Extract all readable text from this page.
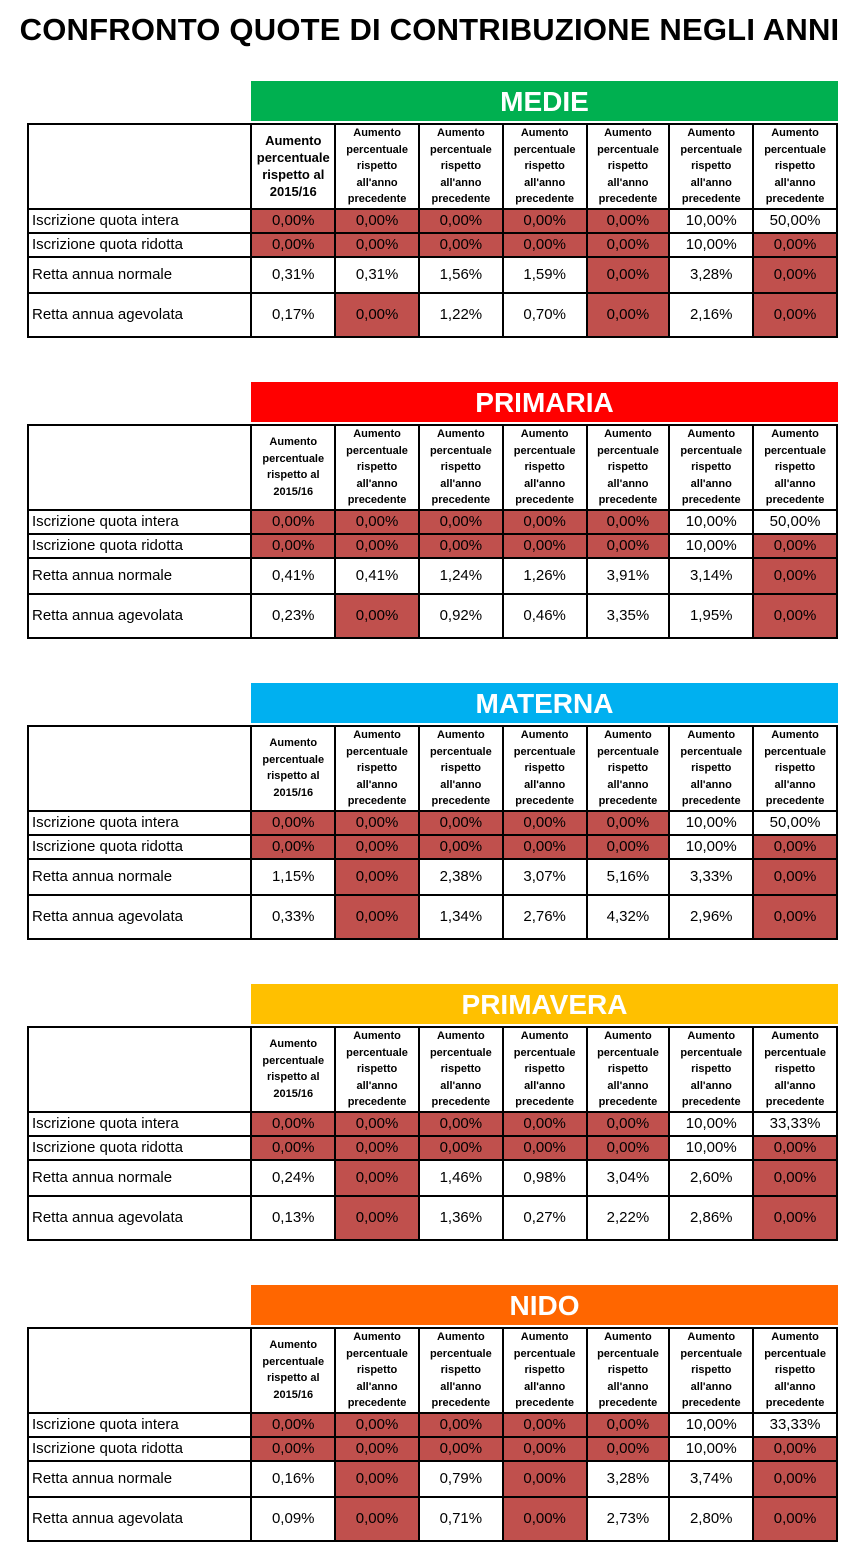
CONFRONTO QUOTE DI CONTRIBUZIONE NEGLI ANNI
MEDIE
	Aumento percentuale rispetto al 2015/16	Aumento percentuale rispetto all'anno precedente	Aumento percentuale rispetto all'anno precedente	Aumento percentuale rispetto all'anno precedente	Aumento percentuale rispetto all'anno precedente	Aumento percentuale rispetto all'anno precedente	Aumento percentuale rispetto all'anno precedente
Iscrizione quota intera	0,00%	0,00%	0,00%	0,00%	0,00%	10,00%	50,00%
Iscrizione quota ridotta	0,00%	0,00%	0,00%	0,00%	0,00%	10,00%	0,00%
Retta annua normale	0,31%	0,31%	1,56%	1,59%	0,00%	3,28%	0,00%
Retta annua agevolata	0,17%	0,00%	1,22%	0,70%	0,00%	2,16%	0,00%
PRIMARIA
	Aumento percentuale rispetto al 2015/16	Aumento percentuale rispetto all'anno precedente	Aumento percentuale rispetto all'anno precedente	Aumento percentuale rispetto all'anno precedente	Aumento percentuale rispetto all'anno precedente	Aumento percentuale rispetto all'anno precedente	Aumento percentuale rispetto all'anno precedente
Iscrizione quota intera	0,00%	0,00%	0,00%	0,00%	0,00%	10,00%	50,00%
Iscrizione quota ridotta	0,00%	0,00%	0,00%	0,00%	0,00%	10,00%	0,00%
Retta annua normale	0,41%	0,41%	1,24%	1,26%	3,91%	3,14%	0,00%
Retta annua agevolata	0,23%	0,00%	0,92%	0,46%	3,35%	1,95%	0,00%
MATERNA
	Aumento percentuale rispetto al 2015/16	Aumento percentuale rispetto all'anno precedente	Aumento percentuale rispetto all'anno precedente	Aumento percentuale rispetto all'anno precedente	Aumento percentuale rispetto all'anno precedente	Aumento percentuale rispetto all'anno precedente	Aumento percentuale rispetto all'anno precedente
Iscrizione quota intera	0,00%	0,00%	0,00%	0,00%	0,00%	10,00%	50,00%
Iscrizione quota ridotta	0,00%	0,00%	0,00%	0,00%	0,00%	10,00%	0,00%
Retta annua normale	1,15%	0,00%	2,38%	3,07%	5,16%	3,33%	0,00%
Retta annua agevolata	0,33%	0,00%	1,34%	2,76%	4,32%	2,96%	0,00%
PRIMAVERA
	Aumento percentuale rispetto al 2015/16	Aumento percentuale rispetto all'anno precedente	Aumento percentuale rispetto all'anno precedente	Aumento percentuale rispetto all'anno precedente	Aumento percentuale rispetto all'anno precedente	Aumento percentuale rispetto all'anno precedente	Aumento percentuale rispetto all'anno precedente
Iscrizione quota intera	0,00%	0,00%	0,00%	0,00%	0,00%	10,00%	33,33%
Iscrizione quota ridotta	0,00%	0,00%	0,00%	0,00%	0,00%	10,00%	0,00%
Retta annua normale	0,24%	0,00%	1,46%	0,98%	3,04%	2,60%	0,00%
Retta annua agevolata	0,13%	0,00%	1,36%	0,27%	2,22%	2,86%	0,00%
NIDO
	Aumento percentuale rispetto al 2015/16	Aumento percentuale rispetto all'anno precedente	Aumento percentuale rispetto all'anno precedente	Aumento percentuale rispetto all'anno precedente	Aumento percentuale rispetto all'anno precedente	Aumento percentuale rispetto all'anno precedente	Aumento percentuale rispetto all'anno precedente
Iscrizione quota intera	0,00%	0,00%	0,00%	0,00%	0,00%	10,00%	33,33%
Iscrizione quota ridotta	0,00%	0,00%	0,00%	0,00%	0,00%	10,00%	0,00%
Retta annua normale	0,16%	0,00%	0,79%	0,00%	3,28%	3,74%	0,00%
Retta annua agevolata	0,09%	0,00%	0,71%	0,00%	2,73%	2,80%	0,00%
